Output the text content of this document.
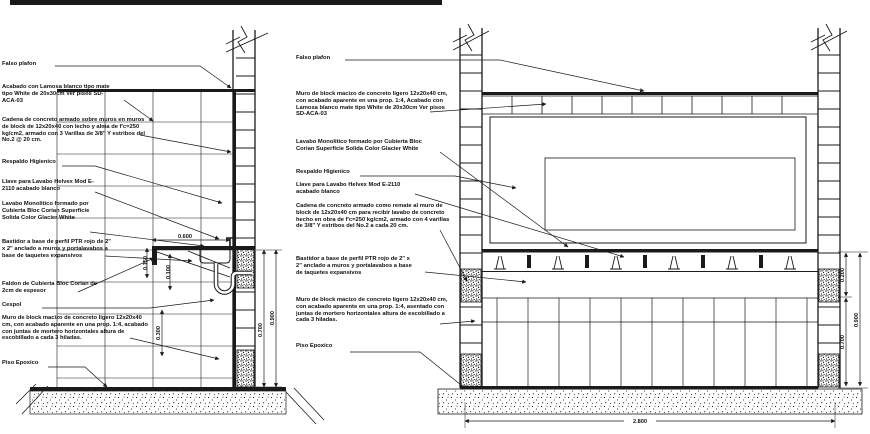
0.600
0.150
0.100
0.300	0.700
0.900
0.200
0.700
0.900
2.800
Falso plafon
Acabado con Lamosa blanco tipo mate tipo White de 20x30cm Ver pisos SD-ACA-03
Cadena de concreto armado sobre muros en muros de block de 12x20x40 con lecho y alma de f'c=250 kg/cm2, armado con 3 Varillas de 3/8" Y estribos del No.2 @ 20 cm.
Respaldo Higienico
Llave para Lavabo Helvex Mod E-2110 acabado blanco
Lavabo Monolitico formado por Cubierta Bloc Corian Superficie Solida Color Glacier White
Bastidor a base de perfil PTR rojo de 2" x 2" anclado a muros y portalavabos a base de taquetes expansivos
Faldon de Cubierta Bloc Corian de 2cm de espesor
Cespol
Muro de block macizo de concreto ligero 12x20x40 cm, con acabado aparente en una prop. 1:4, acabado con juntas de mortero horizontales altura de escobillado a cada 3 hiladas.
Piso Epoxico
Falso plafon
Muro de block macizo de concreto ligero 12x20x40 cm, con acabado aparente en una prop. 1:4, Acabado con Lamosa blanco mate tipo White de 20x30cm Ver pisos SD-ACA-03
Lavabo Monolitico formado por Cubierta Bloc Corian Superficie Solida Color Glacier White
Respaldo Higienico
Llave para Lavabo Helvex Mod E-2110 acabado blanco
Cadena de concreto armado como remate al muro de block de 12x20x40 cm para recibir lavabo de concreto hecho en obra de f'c=250 kg/cm2, armado con 4 varillas de 3/8" Y estribos del No.2 a cada 20 cm.
Bastidor a base de perfil PTR rojo de 2" x 2" anclado a muros y portalavabos a base de taquetes expansivos
Muro de block macizo de concreto ligero 12x20x40 cm, con acabado aparente en una prop. 1:4, asentado con juntas de mortero horizontales altura de escobillado a cada 3 hiladas.
Piso Epoxico
